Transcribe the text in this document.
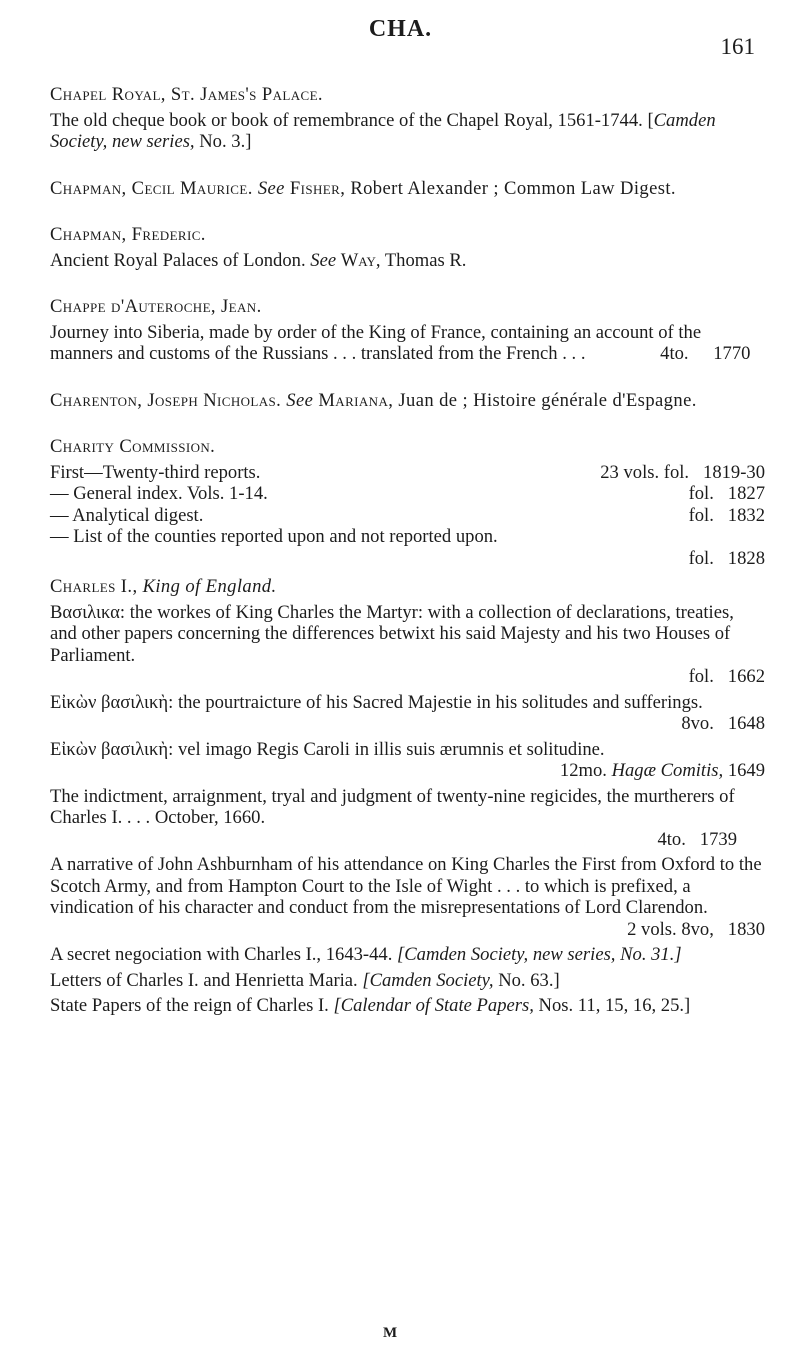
CHA.
161

Chapel Royal, St. James's Palace.

The old cheque book or book of remembrance of the Chapel Royal, 1561-1744. [Camden Society, new series, No. 3.]

Chapman, Cecil Maurice. See Fisher, Robert Alexander ; Common Law Digest.

Chapman, Frederic.

Ancient Royal Palaces of London. See Way, Thomas R.

Chappe d'Auteroche, Jean.

Journey into Siberia, made by order of the King of France, containing an account of the manners and customs of the Russians . . . translated from the French . . .	4to. 1770

Charenton, Joseph Nicholas. See Mariana, Juan de ; Histoire générale d'Espagne.

Charity Commission.

First—Twenty-third reports.	23 vols. fol.   1819-30
— General index. Vols. 1-14.	fol.   1827
— Analytical digest.	fol.   1832
— List of the counties reported upon and not reported upon.
fol.   1828

Charles I., King of England.

Βασιλικα: the workes of King Charles the Martyr: with a collection of declarations, treaties, and other papers concerning the differences betwixt his said Majesty and his two Houses of Parliament.
fol.   1662
Εἰκὼν βασιλικὴ: the pourtraicture of his Sacred Majestie in his solitudes and sufferings.
8vo.   1648
Εἰκὼν βασιλικὴ: vel imago Regis Caroli in illis suis ærumnis et solitudine.
12mo. Hagæ Comitis, 1649
The indictment, arraignment, tryal and judgment of twenty-nine regicides, the murtherers of Charles I. . . . October, 1660.
4to.   1739
A narrative of John Ashburnham of his attendance on King Charles the First from Oxford to the Scotch Army, and from Hampton Court to the Isle of Wight . . . to which is prefixed, a vindication of his character and conduct from the misrepresentations of Lord Clarendon.
2 vols. 8vo,   1830
A secret negociation with Charles I., 1643-44. [Camden Society, new series, No. 31.]
Letters of Charles I. and Henrietta Maria. [Camden Society, No. 63.]
State Papers of the reign of Charles I. [Calendar of State Papers, Nos. 11, 15, 16, 25.]
M
